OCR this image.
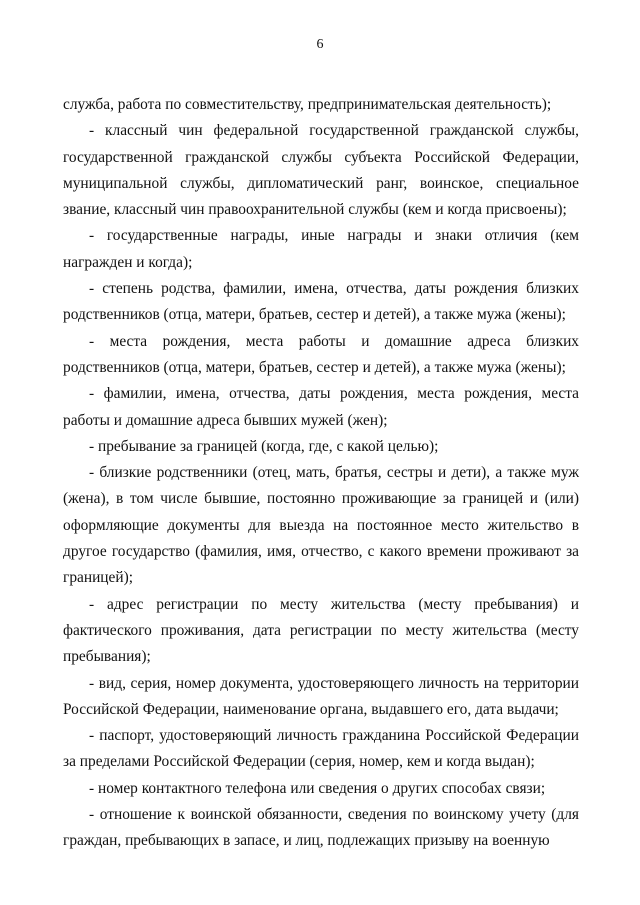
6

служба, работа по совместительству, предпринимательская деятельность);

- классный чин федеральной государственной гражданской службы, государственной гражданской службы субъекта Российской Федерации, муниципальной службы, дипломатический ранг, воинское, специальное звание, классный чин правоохранительной службы (кем и когда присвоены);

- государственные награды, иные награды и знаки отличия (кем награжден и когда);

- степень родства, фамилии, имена, отчества, даты рождения близких родственников (отца, матери, братьев, сестер и детей), а также мужа (жены);

- места рождения, места работы и домашние адреса близких родственников (отца, матери, братьев, сестер и детей), а также мужа (жены);

- фамилии, имена, отчества, даты рождения, места рождения, места работы и домашние адреса бывших мужей (жен);

- пребывание за границей (когда, где, с какой целью);

- близкие родственники (отец, мать, братья, сестры и дети), а также муж (жена), в том числе бывшие, постоянно проживающие за границей и (или) оформляющие документы для выезда на постоянное место жительство в другое государство (фамилия, имя, отчество, с какого времени проживают за границей);

- адрес регистрации по месту жительства (месту пребывания) и фактического проживания, дата регистрации по месту жительства (месту пребывания);

- вид, серия, номер документа, удостоверяющего личность на территории Российской Федерации, наименование органа, выдавшего его, дата выдачи;

- паспорт, удостоверяющий личность гражданина Российской Федерации за пределами Российской Федерации (серия, номер, кем и когда выдан);

- номер контактного телефона или сведения о других способах связи;

- отношение к воинской обязанности, сведения по воинскому учету (для граждан, пребывающих в запасе, и лиц, подлежащих призыву на военную
